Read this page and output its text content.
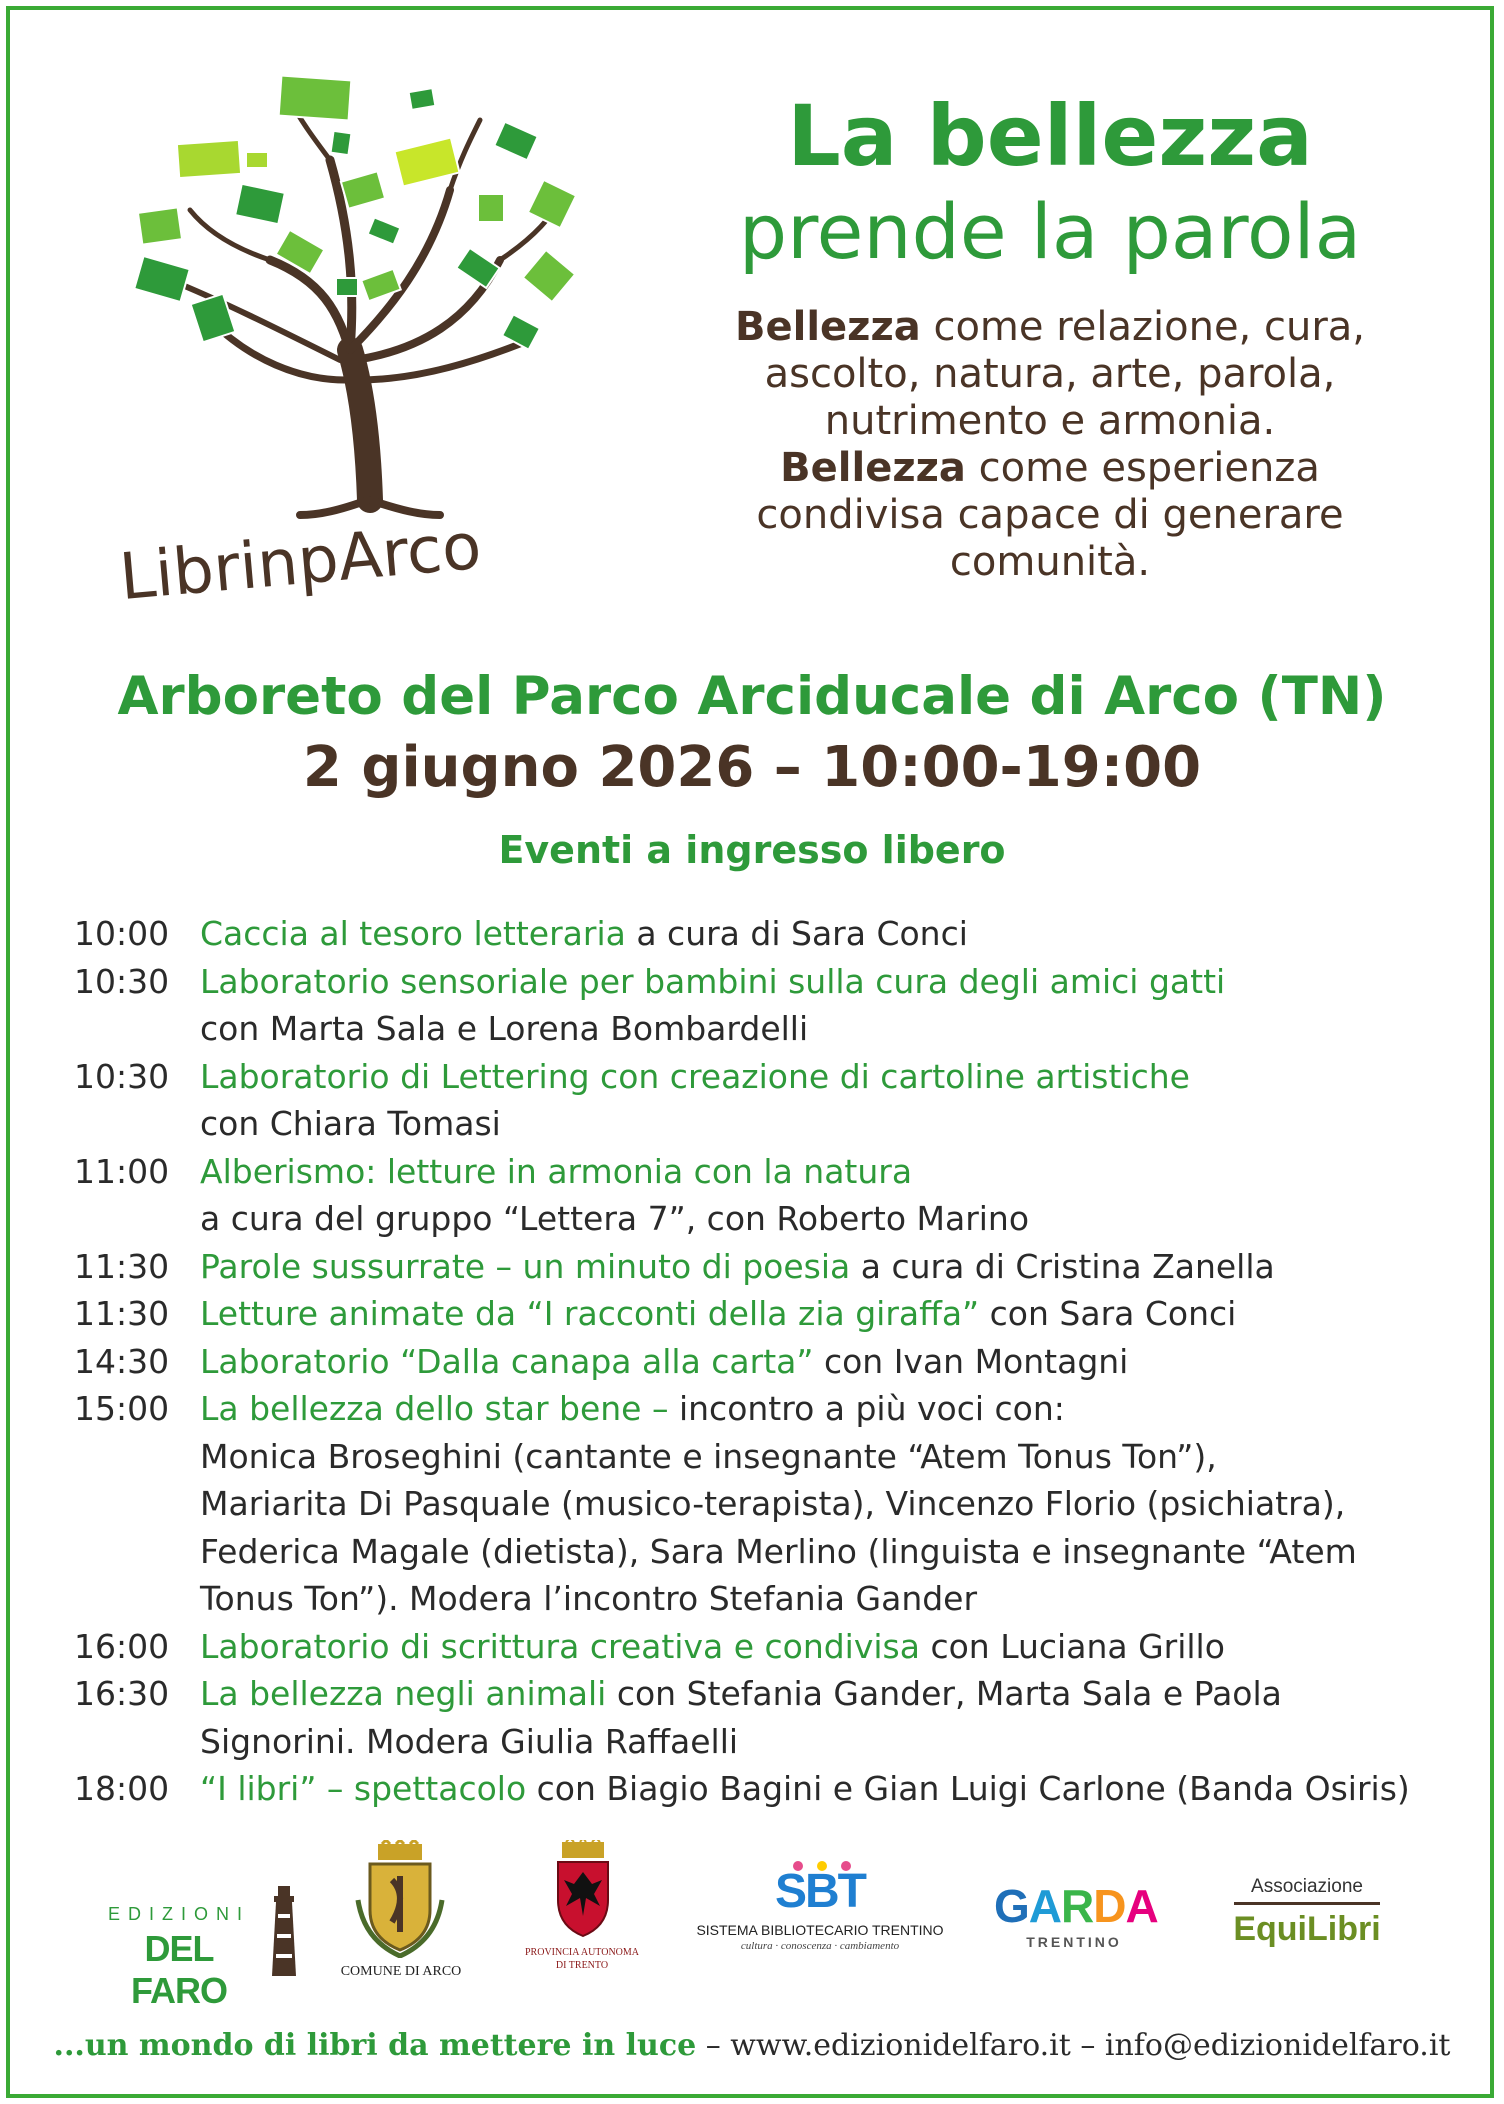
LibrinpArco
La bellezza
prende la parola
Bellezza come relazione, cura,
ascolto, natura, arte, parola,
nutrimento e armonia.
Bellezza come esperienza
condivisa capace di generare
comunità.
Arboreto del Parco Arciducale di Arco (TN)
2 giugno 2026 – 10:00-19:00
Eventi a ingresso libero
10:00 Caccia al tesoro letteraria a cura di Sara Conci
10:30 Laboratorio sensoriale per bambini sulla cura degli amici gatti
con Marta Sala e Lorena Bombardelli
10:30 Laboratorio di Lettering con creazione di cartoline artistiche
con Chiara Tomasi
11:00 Alberismo: letture in armonia con la natura
a cura del gruppo “Lettera 7”, con Roberto Marino
11:30 Parole sussurrate – un minuto di poesia a cura di Cristina Zanella
11:30 Letture animate da “I racconti della zia giraffa” con Sara Conci
14:30 Laboratorio “Dalla canapa alla carta” con Ivan Montagni
15:00 La bellezza dello star bene – incontro a più voci con:
Monica Broseghini (cantante e insegnante “Atem Tonus Ton”),
Mariarita Di Pasquale (musico-terapista), Vincenzo Florio (psichiatra),
Federica Magale (dietista), Sara Merlino (linguista e insegnante “Atem
Tonus Ton”). Modera l’incontro Stefania Gander
16:00 Laboratorio di scrittura creativa e condivisa con Luciana Grillo
16:30 La bellezza negli animali con Stefania Gander, Marta Sala e Paola
Signorini. Modera Giulia Raffaelli
18:00 “I libri” – spettacolo con Biagio Bagini e Gian Luigi Carlone (Banda Osiris)
EDIZIONI
DEL FARO	COMUNE DI ARCO
PROVINCIA AUTONOMA
DI TRENTO
SBT
SISTEMA BIBLIOTECARIO TRENTINO
cultura · conoscenza · cambiamento
GARDA
TRENTINO
Associazione
EquiLibri
...un mondo di libri da mettere in luce – www.edizionidelfaro.it – info@edizionidelfaro.it
